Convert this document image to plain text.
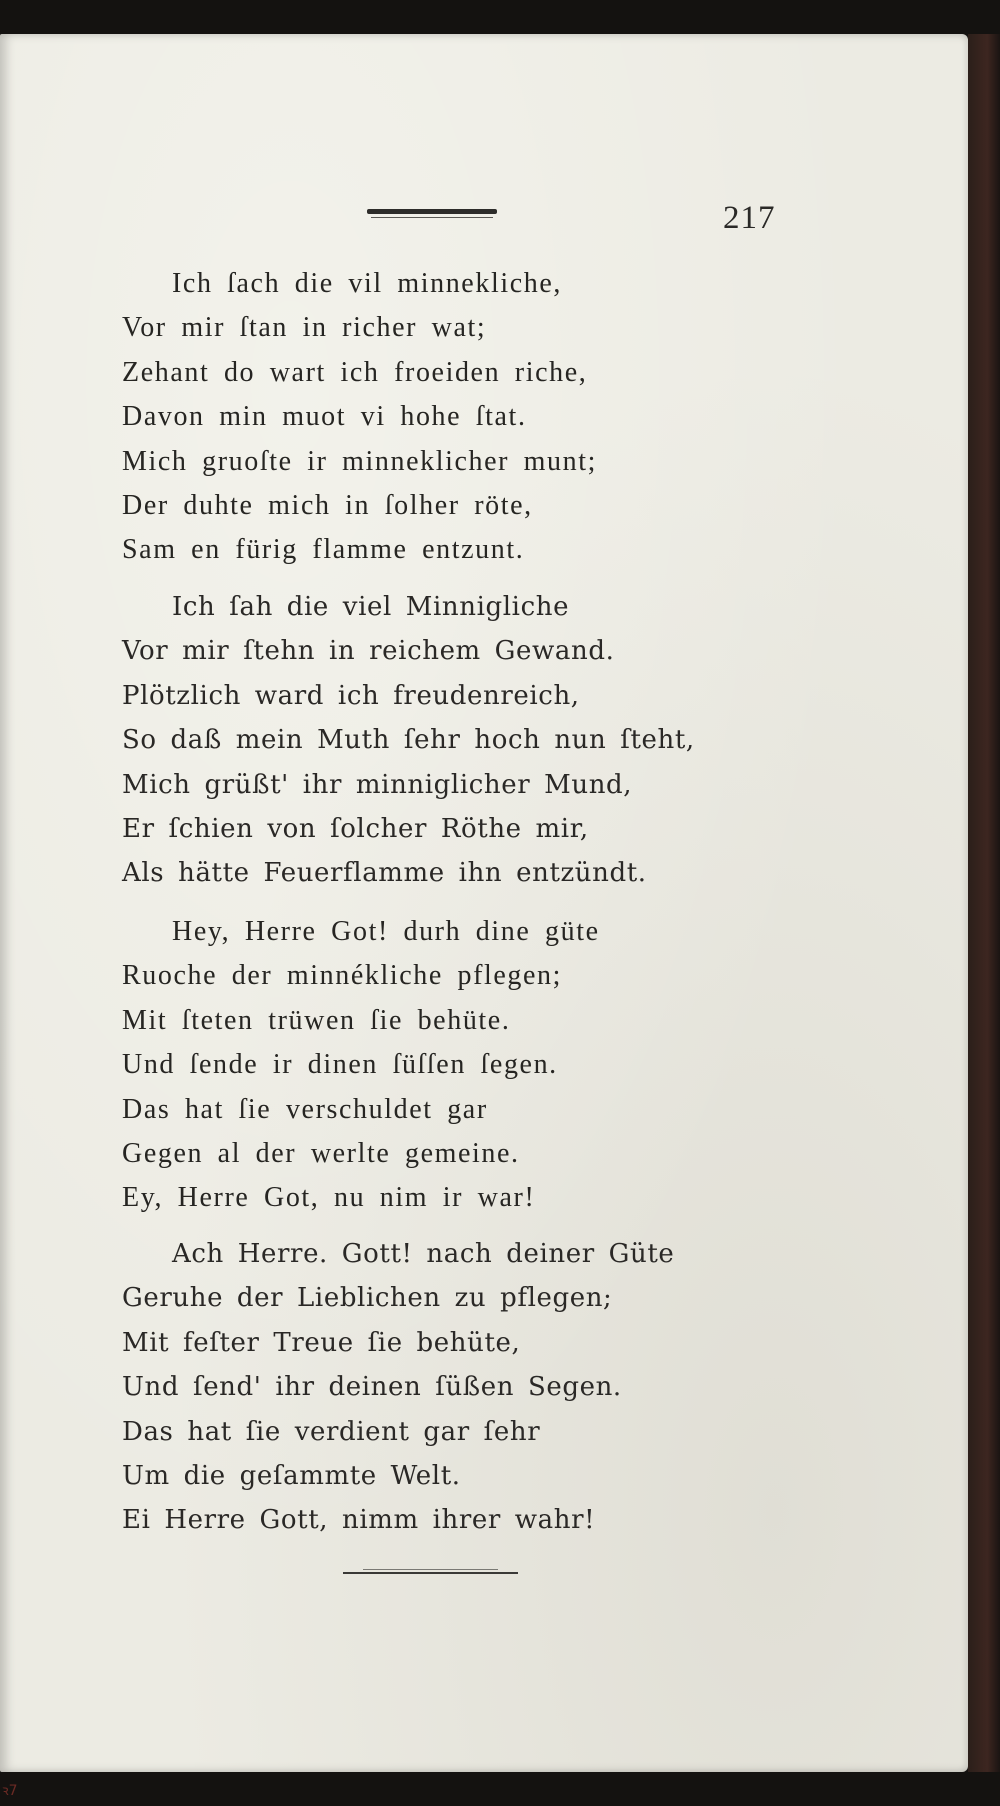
217
Ich ſach die vil minnekliche,
Vor mir ſtan in richer wat;
Zehant do wart ich froeiden riche,
Davon min muot vi hohe ſtat.
Mich gruoſte ir minneklicher munt;
Der duhte mich in ſolher röte,
Sam en fürig flamme entzunt.
Ich ſah die viel Minnigliche
Vor mir ſtehn in reichem Gewand.
Plötzlich ward ich freudenreich,
So daß mein Muth ſehr hoch nun ſteht,
Mich grüßt' ihr minniglicher Mund,
Er ſchien von ſolcher Röthe mir,
Als hätte Feuerflamme ihn entzündt.
Hey, Herre Got! durh dine güte
Ruoche der minnékliche pflegen;
Mit ſteten trüwen ſie behüte.
Und ſende ir dinen ſüſſen ſegen.
Das hat ſie verschuldet gar
Gegen al der werlte gemeine.
Ey, Herre Got, nu nim ir war!
Ach Herre. Gott! nach deiner Güte
Geruhe der Lieblichen zu pflegen;
Mit feſter Treue ſie behüte,
Und ſend' ihr deinen ſüßen Segen.
Das hat ſie verdient gar ſehr
Um die geſammte Welt.
Ei Herre Gott, nimm ihrer wahr!
ꝛ7
